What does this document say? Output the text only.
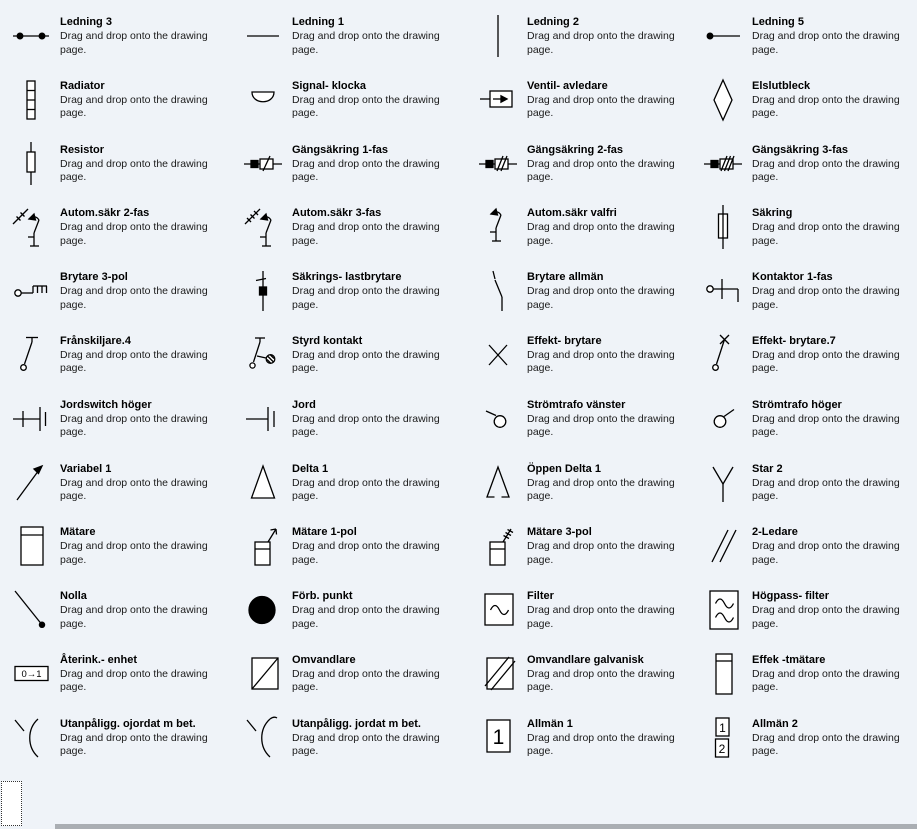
Ledning 3
Drag and drop onto the drawing page.
Ledning 1
Drag and drop onto the drawing page.
Ledning 2
Drag and drop onto the drawing page.
Ledning 5
Drag and drop onto the drawing page.
Radiator
Drag and drop onto the drawing page.
Signal- klocka
Drag and drop onto the drawing page.
Ventil- avledare
Drag and drop onto the drawing page.
Elslutbleck
Drag and drop onto the drawing page.
Resistor
Drag and drop onto the drawing page.
Gängsäkring 1-fas
Drag and drop onto the drawing page.
Gängsäkring 2-fas
Drag and drop onto the drawing page.
Gängsäkring 3-fas
Drag and drop onto the drawing page.
Autom.säkr 2-fas
Drag and drop onto the drawing page.
Autom.säkr 3-fas
Drag and drop onto the drawing page.
Autom.säkr valfri
Drag and drop onto the drawing page.
Säkring
Drag and drop onto the drawing page.
Brytare 3-pol
Drag and drop onto the drawing page.
Säkrings- lastbrytare
Drag and drop onto the drawing page.
Brytare allmän
Drag and drop onto the drawing page.
Kontaktor 1-fas
Drag and drop onto the drawing page.
Frånskiljare.4
Drag and drop onto the drawing page.
Styrd kontakt
Drag and drop onto the drawing page.
Effekt- brytare
Drag and drop onto the drawing page.
Effekt- brytare.7
Drag and drop onto the drawing page.
Jordswitch höger
Drag and drop onto the drawing page.
Jord
Drag and drop onto the drawing page.
Strömtrafo vänster
Drag and drop onto the drawing page.
Strömtrafo höger
Drag and drop onto the drawing page.
Variabel 1
Drag and drop onto the drawing page.
Delta 1
Drag and drop onto the drawing page.
Öppen Delta 1
Drag and drop onto the drawing page.
Star 2
Drag and drop onto the drawing page.
Mätare
Drag and drop onto the drawing page.
Mätare 1-pol
Drag and drop onto the drawing page.
Mätare 3-pol
Drag and drop onto the drawing page.
2-Ledare
Drag and drop onto the drawing page.
Nolla
Drag and drop onto the drawing page.
Förb. punkt
Drag and drop onto the drawing page.
Filter
Drag and drop onto the drawing page.
Högpass- filter
Drag and drop onto the drawing page.
0→1
Återink.- enhet
Drag and drop onto the drawing page.
Omvandlare
Drag and drop onto the drawing page.
Omvandlare galvanisk
Drag and drop onto the drawing page.
Effek -tmätare
Drag and drop onto the drawing page.
Utanpåligg. ojordat m bet.
Drag and drop onto the drawing page.
Utanpåligg. jordat m bet.
Drag and drop onto the drawing page.
1
Allmän 1
Drag and drop onto the drawing page.
1
2
Allmän 2
Drag and drop onto the drawing page.
